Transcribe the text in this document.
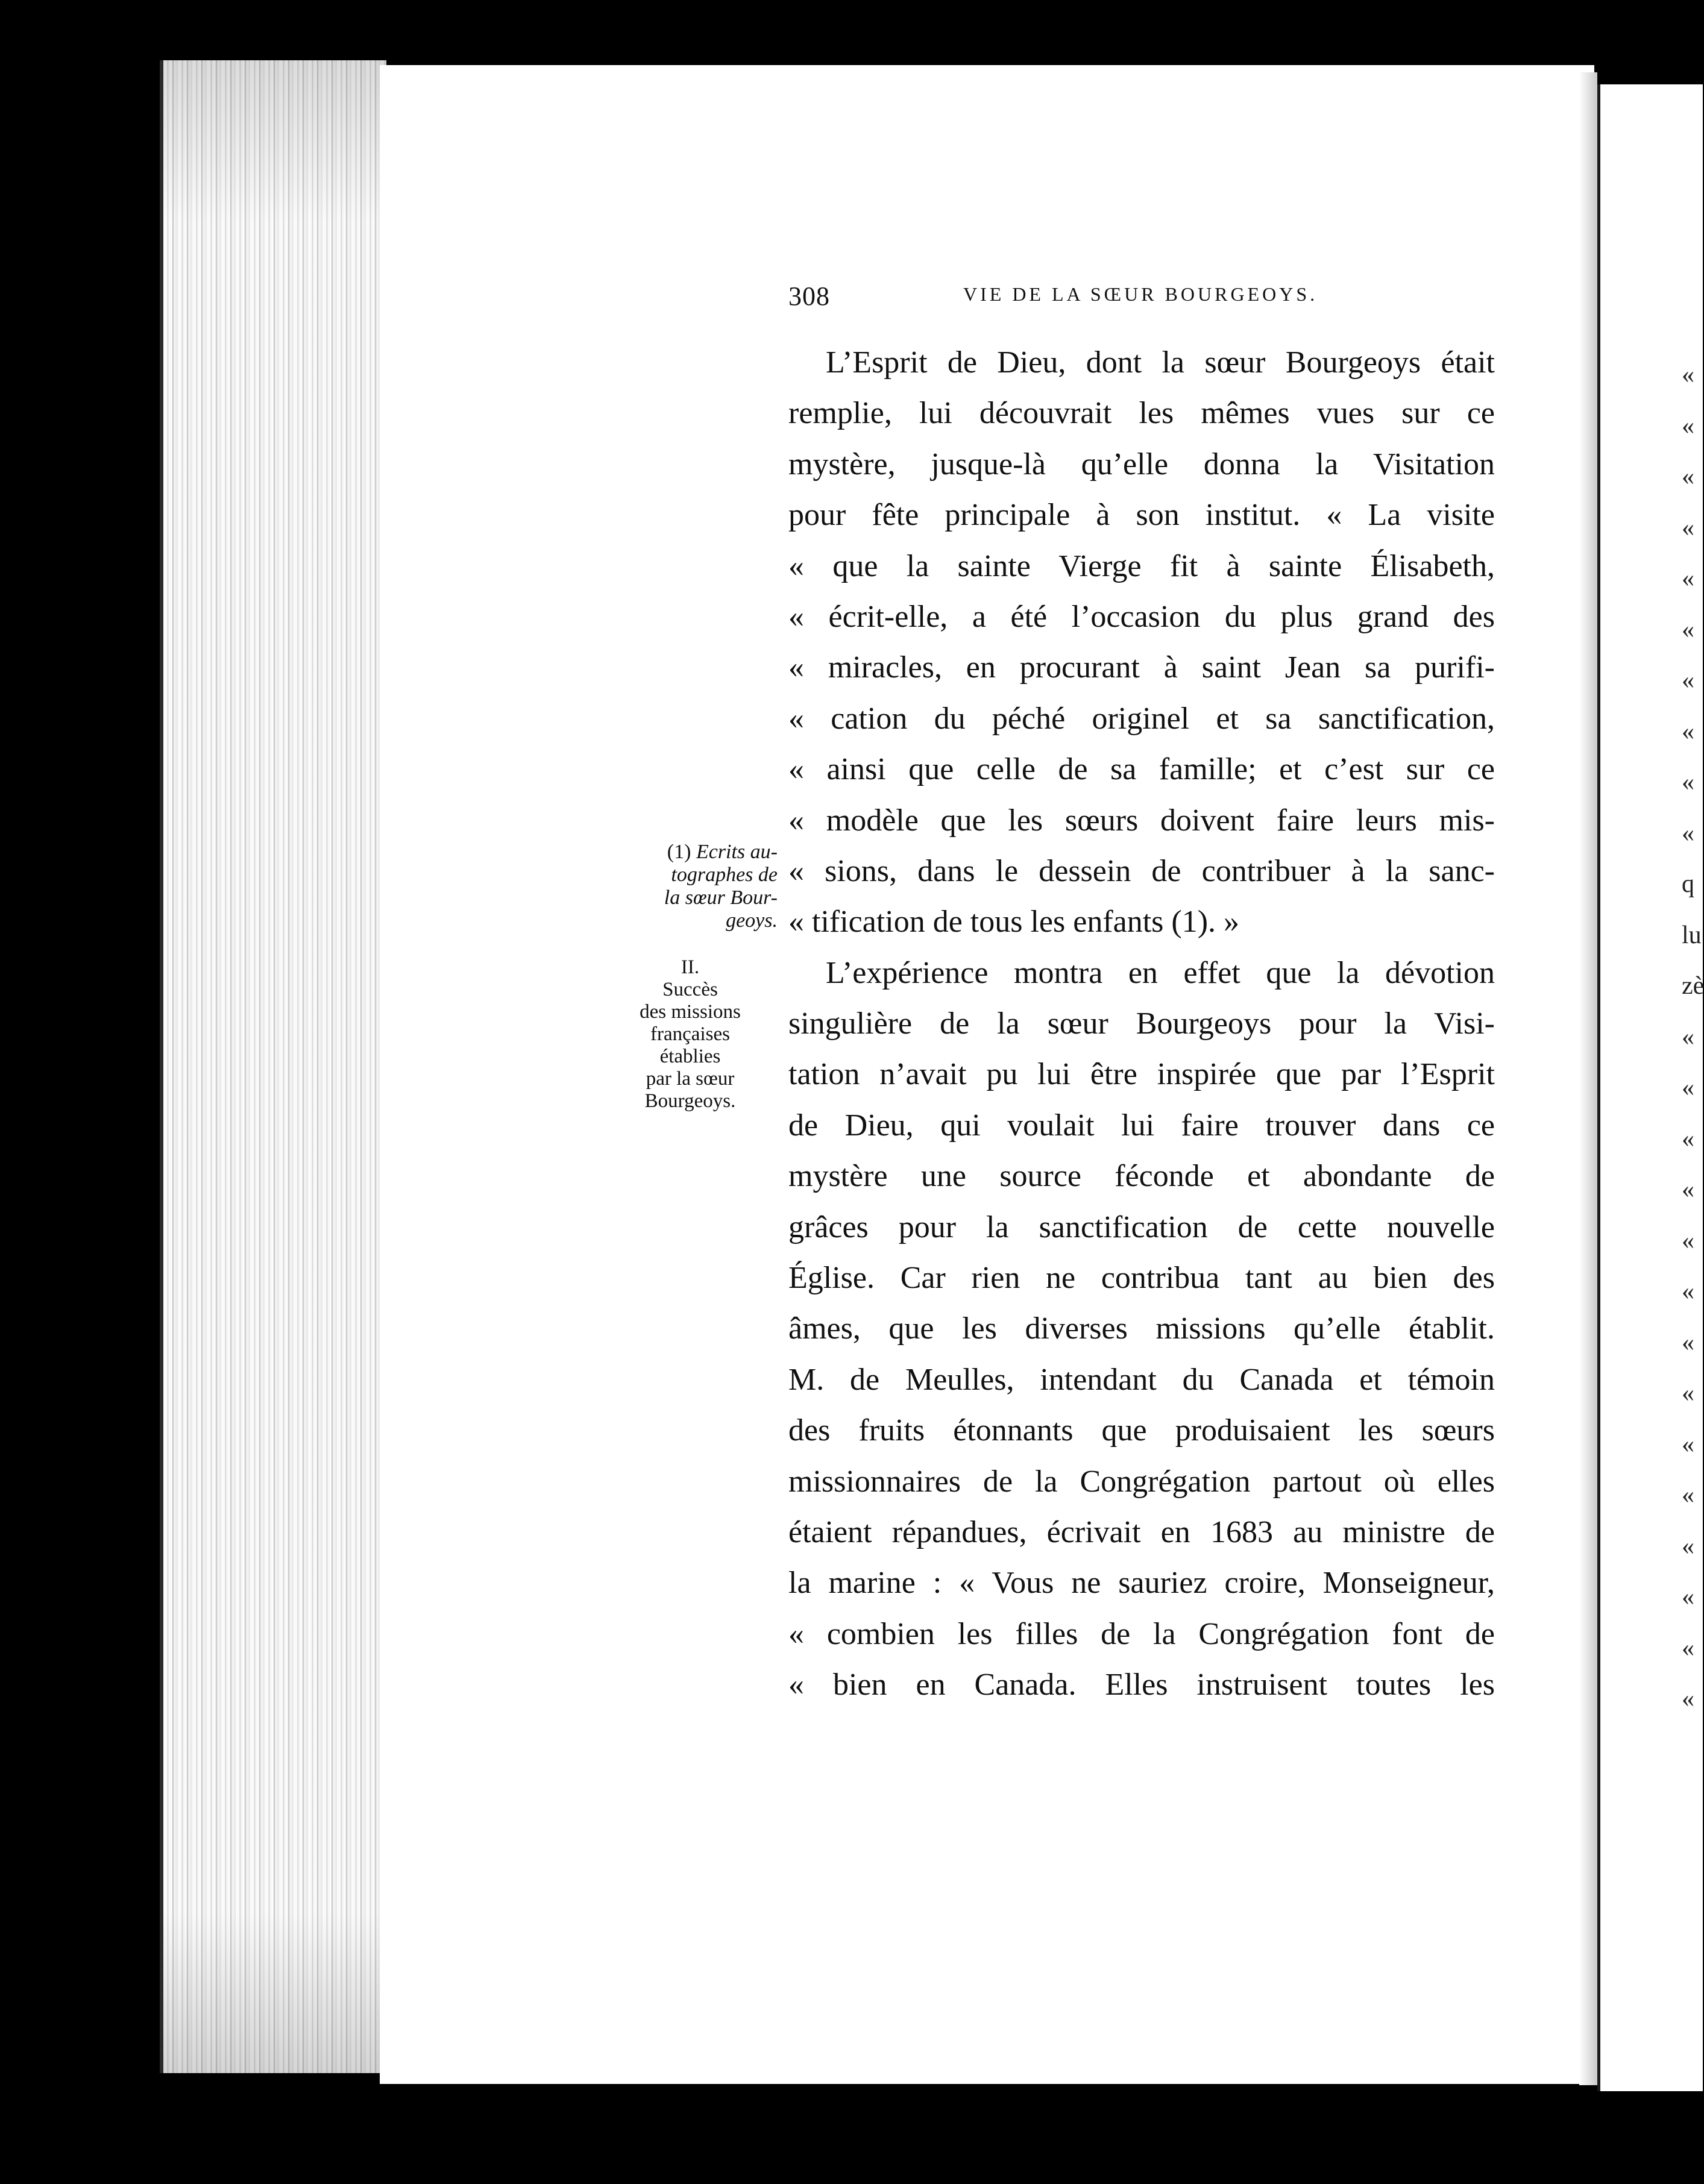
«
«
«
«
«
«
«
«
«
«
q
lu
zè
«
«
«
«
«
«
«
«
«
«
«
«
«
«
308	VIE DE LA SŒUR BOURGEOYS.
L’Esprit de Dieu, dont la sœur Bourgeoys était
remplie, lui découvrait les mêmes vues sur ce
mystère, jusque-là qu’elle donna la Visitation
pour fête principale à son institut. « La visite
« que la sainte Vierge fit à sainte Élisabeth,
« écrit-elle, a été l’occasion du plus grand des
« miracles, en procurant à saint Jean sa purifi-
« cation du péché originel et sa sanctification,
« ainsi que celle de sa famille; et c’est sur ce
« modèle que les sœurs doivent faire leurs mis-
« sions, dans le dessein de contribuer à la sanc-
« tification de tous les enfants (1). »
L’expérience montra en effet que la dévotion
singulière de la sœur Bourgeoys pour la Visi-
tation n’avait pu lui être inspirée que par l’Esprit
de Dieu, qui voulait lui faire trouver dans ce
mystère une source féconde et abondante de
grâces pour la sanctification de cette nouvelle
Église. Car rien ne contribua tant au bien des
âmes, que les diverses missions qu’elle établit.
M. de Meulles, intendant du Canada et témoin
des fruits étonnants que produisaient les sœurs
missionnaires de la Congrégation partout où elles
étaient répandues, écrivait en 1683 au ministre de
la marine : « Vous ne sauriez croire, Monseigneur,
« combien les filles de la Congrégation font de
« bien en Canada. Elles instruisent toutes les
(1) Ecrits au-
tographes de
la sœur Bour-
geoys.
II.
Succès
des missions
françaises
établies
par la sœur
Bourgeoys.
